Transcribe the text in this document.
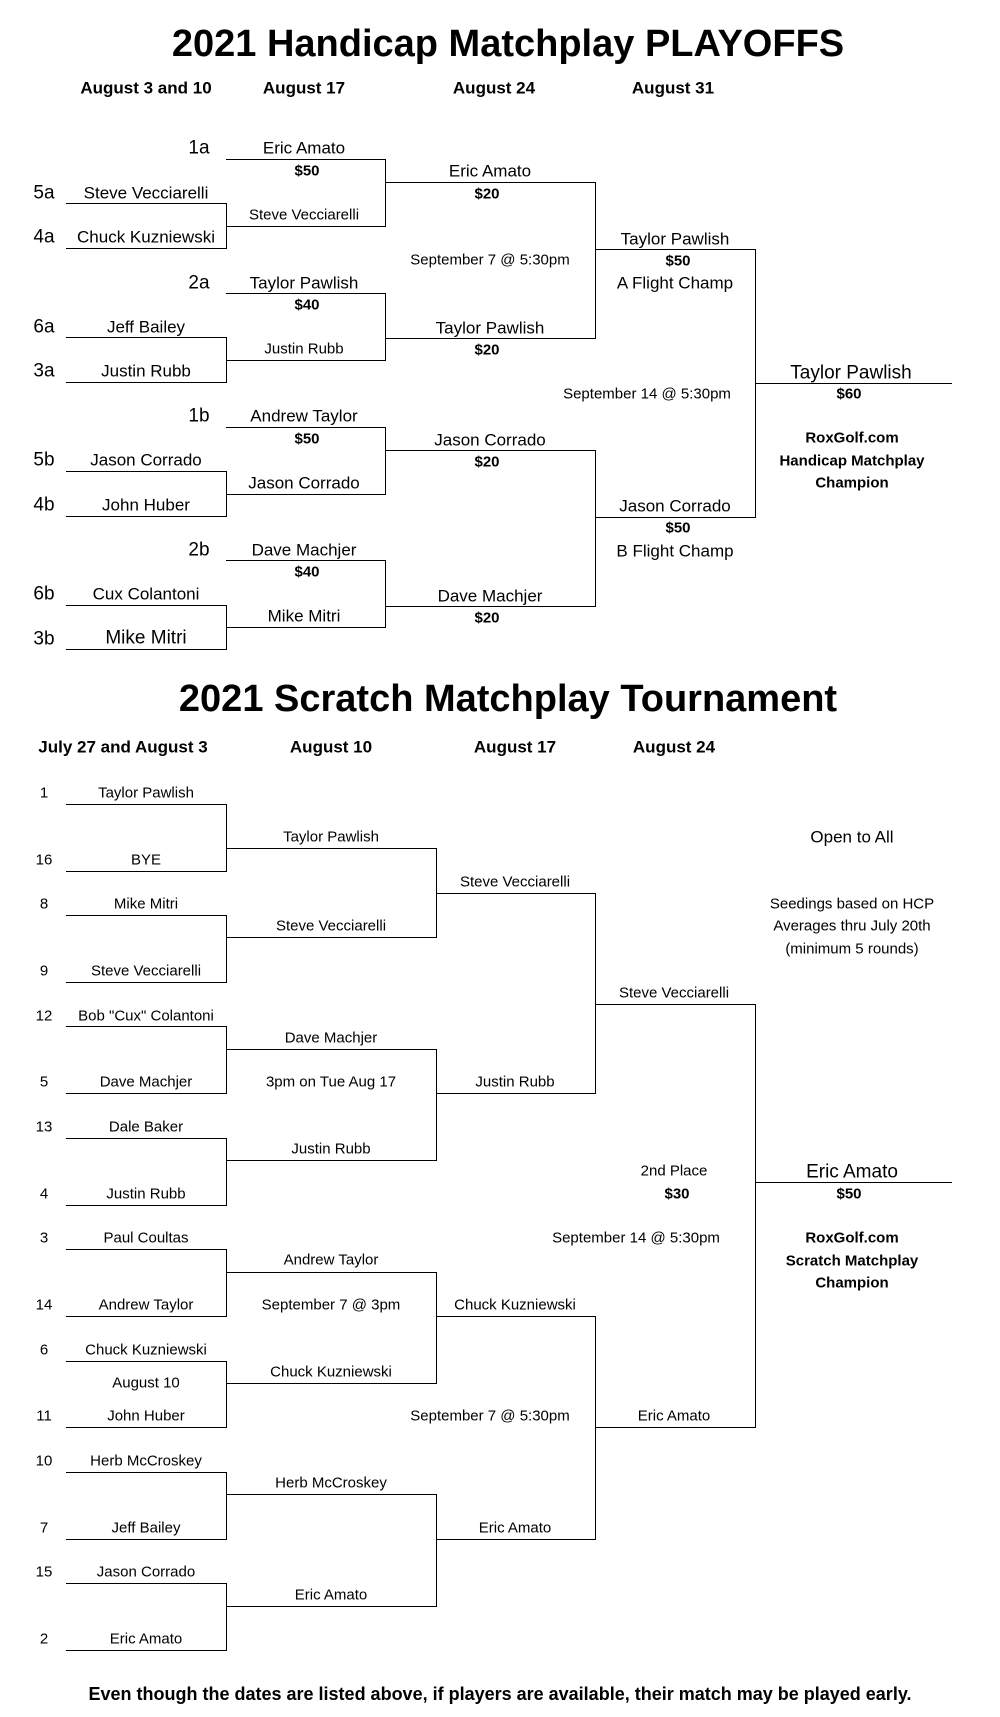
2021 Handicap Matchplay PLAYOFFS
August 3 and 10	August 17	August 24	August 31
1a
5a
4a
2a
6a
3a
1b
5b
4b
2b
6b
3b
Steve Vecciarelli
Chuck Kuzniewski
Jeff Bailey
Justin Rubb
Jason Corrado
John Huber
Cux Colantoni
Mike Mitri
Eric Amato
Steve Vecciarelli
Taylor Pawlish
Justin Rubb
Andrew Taylor
Jason Corrado
Dave Machjer
Mike Mitri
$50
$40
$50
$40
Eric Amato
$20
Taylor Pawlish
$20
Jason Corrado
$20
Dave Machjer
$20
Taylor Pawlish
$50
A Flight Champ
Jason Corrado
$50
B Flight Champ
September 7 @ 5:30pm
September 14 @ 5:30pm
Taylor Pawlish
$60
RoxGolf.com
Handicap Matchplay
Champion
2021 Scratch Matchplay Tournament
July 27 and August 3	August 10	August 17	August 24
1
16
8
9
12
5
13
4
3
14
6
11
10
7
15
2
Taylor Pawlish
BYE
Mike Mitri
Steve Vecciarelli
Bob "Cux" Colantoni
Dave Machjer
Dale Baker
Justin Rubb
Paul Coultas
Andrew Taylor
Chuck Kuzniewski
John Huber
Herb McCroskey
Jeff Bailey
Jason Corrado
Eric Amato
Taylor Pawlish
Steve Vecciarelli
Dave Machjer
Justin Rubb
Andrew Taylor
Chuck Kuzniewski
Herb McCroskey
Eric Amato
Steve Vecciarelli
Justin Rubb
Chuck Kuzniewski
Eric Amato
Steve Vecciarelli
Eric Amato
3pm on Tue Aug 17
September 7 @ 3pm
August 10
September 7 @ 5:30pm
September 14 @ 5:30pm
Open to All
Seedings based on HCP
Averages thru July 20th
(minimum 5 rounds)
2nd Place
$30
Eric Amato
$50
RoxGolf.com
Scratch Matchplay
Champion
Even though the dates are listed above, if players are available, their match may be played early.
